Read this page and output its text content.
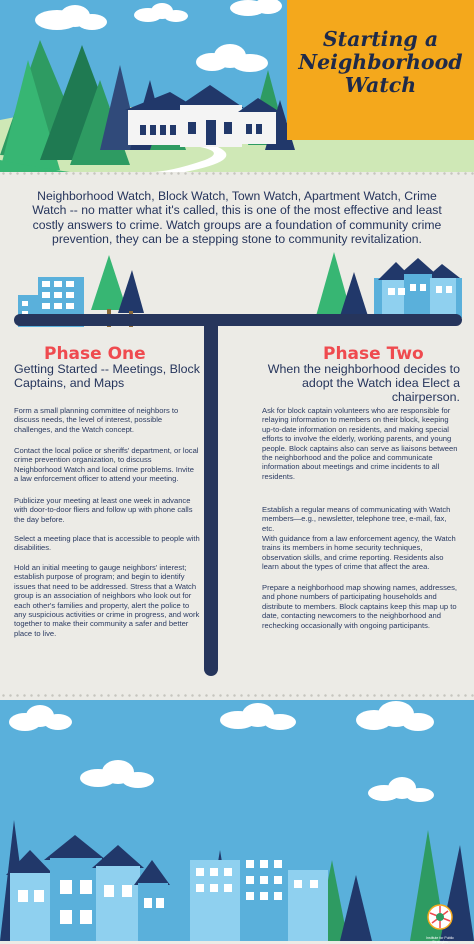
Starting a
Neighborhood
Watch
Neighborhood Watch, Block Watch, Town Watch, Apartment Watch, Crime Watch -- no matter what it's called, this is one of the most effective and least costly answers to crime. Watch groups are a foundation of community crime prevention, they can be a stepping stone to community revitalization.
Phase One
Getting Started -- Meetings, Block Captains, and Maps
Form a small planning committee of neighbors to discuss needs, the level of interest, possible challenges, and the Watch concept.
Contact the local police or sheriffs' department, or local crime prevention organization, to discuss Neighborhood Watch and local crime problems. Invite a law enforcement officer to attend your meeting.
Publicize your meeting at least one week in advance with door-to-door fliers and follow up with phone calls the day before.
Select a meeting place that is accessible to people with disabilities.
Hold an initial meeting to gauge neighbors' interest; establish purpose of program; and begin to identify issues that need to be addressed. Stress that a Watch group is an association of neighbors who look out for each other's families and property, alert the police to any suspicious activities or crime in progress, and work together to make their community a safer and better place to live.
Phase Two
When the neighborhood decides to adopt the Watch idea Elect a chairperson.
Ask for block captain volunteers who are responsible for relaying information to members on their block, keeping up-to-date information on residents, and making special efforts to involve the elderly, working parents, and young people. Block captains also can serve as liaisons between the neighborhood and the police and communicate information about meetings and crime incidents to all residents.
Establish a regular means of communicating with Watch members—e.g., newsletter, telephone tree, e-mail, fax, etc.
With guidance from a law enforcement agency, the Watch trains its members in home security techniques, observation skills, and crime reporting. Residents also learn about the types of crime that affect the area.
Prepare a neighborhood map showing names, addresses, and phone numbers of participating households and distribute to members. Block captains keep this map up to date, contacting newcomers to the neighborhood and rechecking occasionally with ongoing participants.
Institute for Public Strategies
